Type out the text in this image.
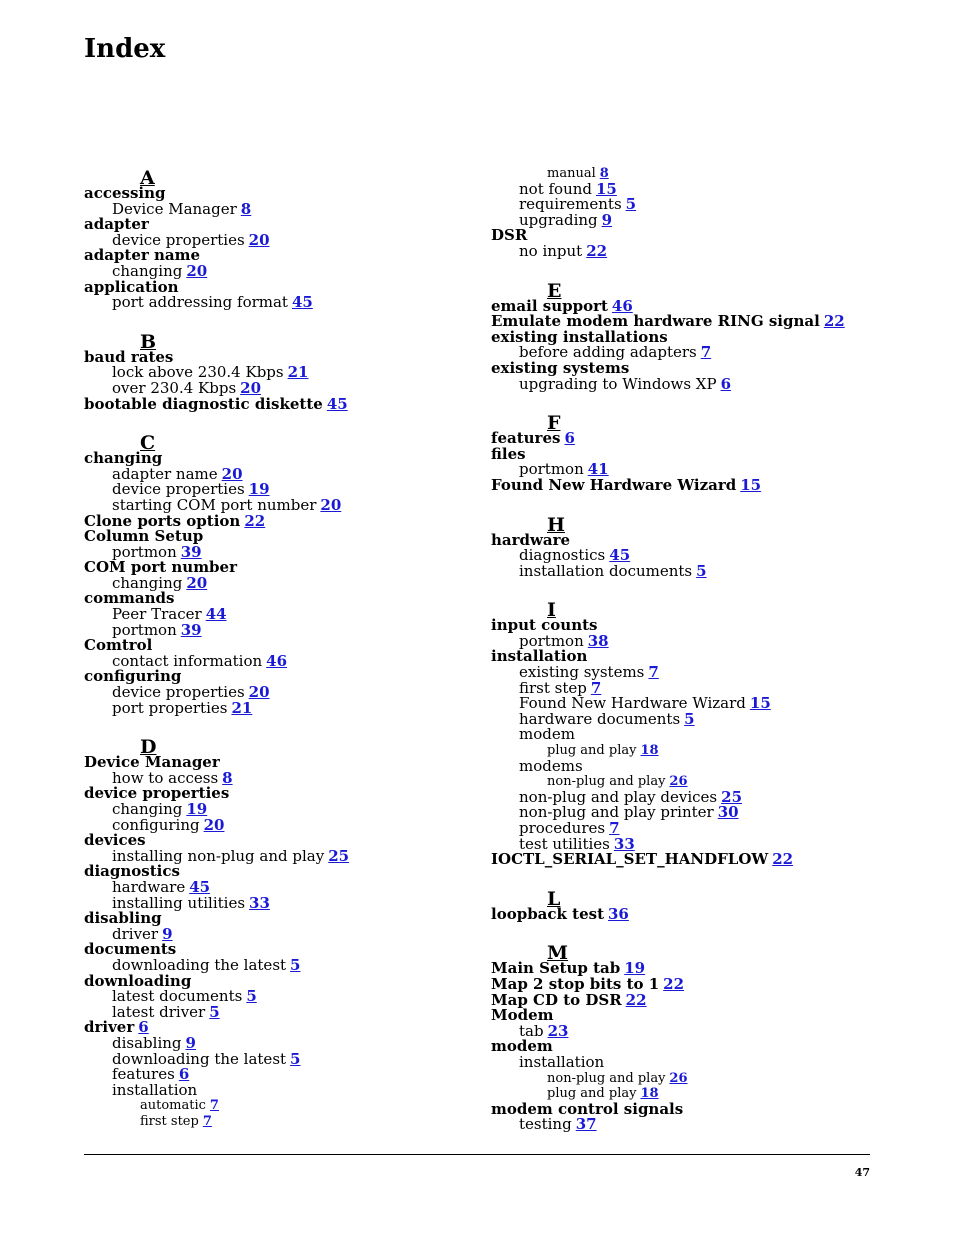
Index
A
accessing
Device Manager 8
adapter
device properties 20
adapter name
changing 20
application
port addressing format 45
B
baud rates
lock above 230.4 Kbps 21
over 230.4 Kbps 20
bootable diagnostic diskette 45
C
changing
adapter name 20
device properties 19
starting COM port number 20
Clone ports option 22
Column Setup
portmon 39
COM port number
changing 20
commands
Peer Tracer 44
portmon 39
Comtrol
contact information 46
configuring
device properties 20
port properties 21
D
Device Manager
how to access 8
device properties
changing 19
configuring 20
devices
installing non-plug and play 25
diagnostics
hardware 45
installing utilities 33
disabling
driver 9
documents
downloading the latest 5
downloading
latest documents 5
latest driver 5
driver 6
disabling 9
downloading the latest 5
features 6
installation
automatic 7
first step 7
manual 8
not found 15
requirements 5
upgrading 9
DSR
no input 22
E
email support 46
Emulate modem hardware RING signal 22
existing installations
before adding adapters 7
existing systems
upgrading to Windows XP 6
F
features 6
files
portmon 41
Found New Hardware Wizard 15
H
hardware
diagnostics 45
installation documents 5
I
input counts
portmon 38
installation
existing systems 7
first step 7
Found New Hardware Wizard 15
hardware documents 5
modem
plug and play 18
modems
non-plug and play 26
non-plug and play devices 25
non-plug and play printer 30
procedures 7
test utilities 33
IOCTL_SERIAL_SET_HANDFLOW 22
L
loopback test 36
M
Main Setup tab 19
Map 2 stop bits to 1 22
Map CD to DSR 22
Modem
tab 23
modem
installation
non-plug and play 26
plug and play 18
modem control signals
testing 37
47
